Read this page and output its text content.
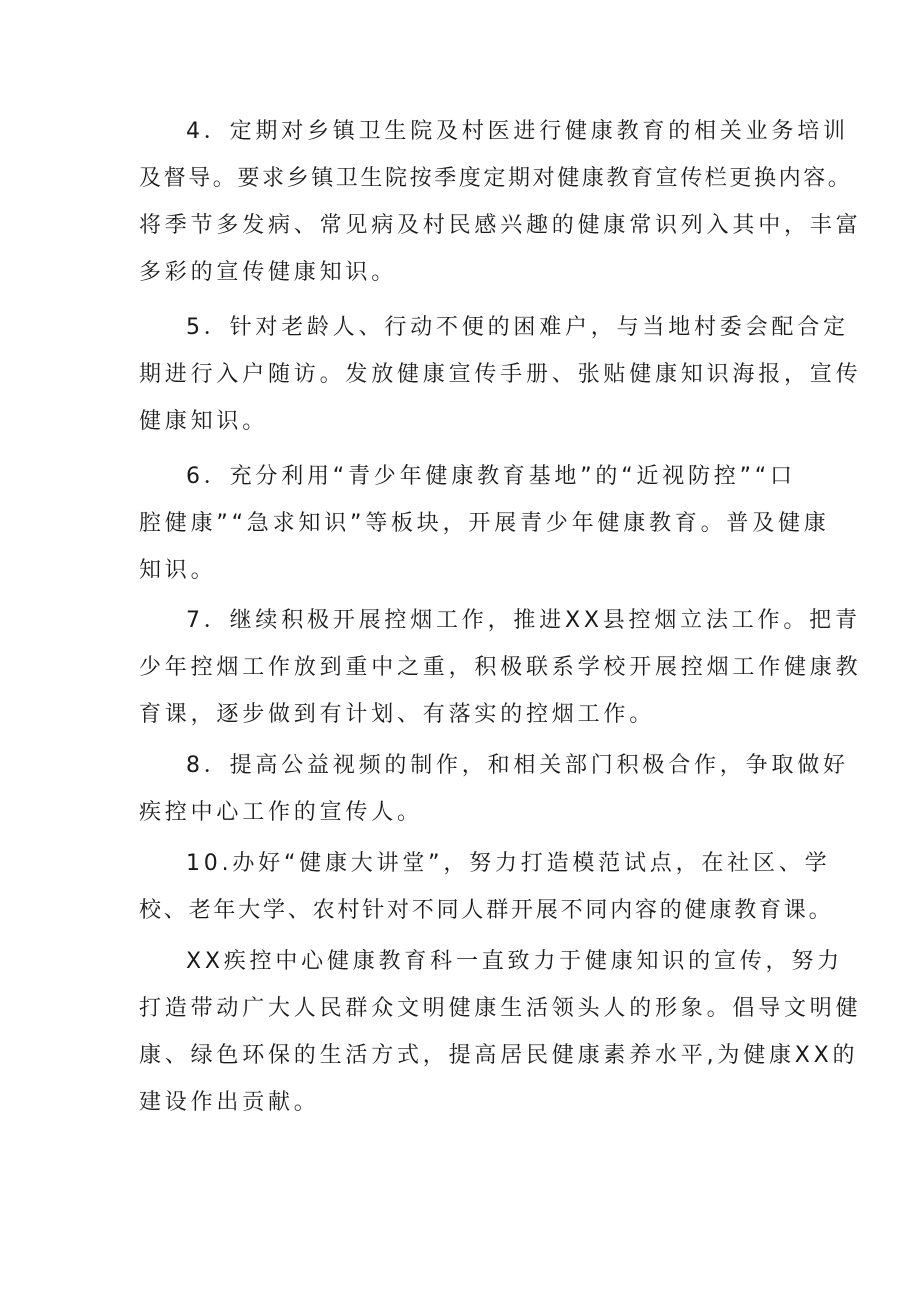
4．定期对乡镇卫生院及村医进行健康教育的相关业务培训
及督导。要求乡镇卫生院按季度定期对健康教育宣传栏更换内容。
将季节多发病、常见病及村民感兴趣的健康常识列入其中，丰富
多彩的宣传健康知识。
5．针对老龄人、行动不便的困难户，与当地村委会配合定
期进行入户随访。发放健康宣传手册、张贴健康知识海报，宣传
健康知识。
6．充分利用“青少年健康教育基地”的“近视防控”“口
腔健康”“急求知识”等板块，开展青少年健康教育。普及健康
知识。
7．继续积极开展控烟工作，推进XX县控烟立法工作。把青
少年控烟工作放到重中之重，积极联系学校开展控烟工作健康教
育课，逐步做到有计划、有落实的控烟工作。
8．提高公益视频的制作，和相关部门积极合作，争取做好
疾控中心工作的宣传人。
10.办好“健康大讲堂”，努力打造模范试点，在社区、学
校、老年大学、农村针对不同人群开展不同内容的健康教育课。
XX疾控中心健康教育科一直致力于健康知识的宣传，努力
打造带动广大人民群众文明健康生活领头人的形象。倡导文明健
康、绿色环保的生活方式，提高居民健康素养水平,为健康XX的
建设作出贡献。
